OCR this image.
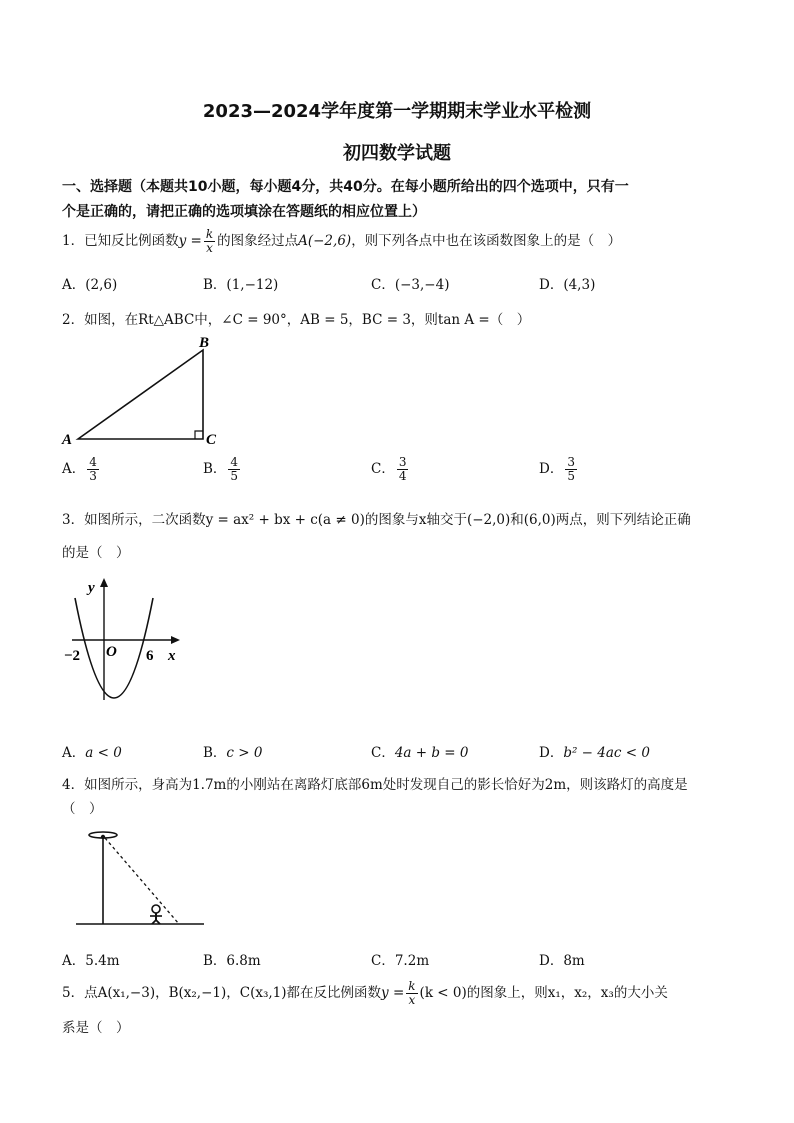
2023—2024学年度第一学期期末学业水平检测
初四数学试题
一、选择题（本题共10小题，每小题4分，共40分。在每小题所给出的四个选项中，只有一
个是正确的，请把正确的选项填涂在答题纸的相应位置上）
1．已知反比例函数$y = \frac{k}{x}$ 的图象经过点A(−2,6)，则下列各点中也在该函数图象上的是（　）
A．(2,6)	B．(1,−12)	C．(−3,−4)	D．(4,3)
2．如图，在Rt△ABC中，∠C = 90°，AB = 5，BC = 3，则tan A =（　）
A
B
C
A． $\frac{4}{3}$	B． $\frac{4}{5}$	C． $\frac{3}{4}$	D． $\frac{3}{5}$
3．如图所示，二次函数y = ax² + bx + c(a ≠ 0)的图象与x轴交于(−2,0)和(6,0)两点，则下列结论正确
的是（　）
y
x
O
−2	6
A．a < 0	B．c > 0	C．4a + b = 0	D．b² − 4ac < 0
4．如图所示，身高为1.7m的小刚站在离路灯底部6m处时发现自己的影长恰好为2m，则该路灯的高度是
（　）
A．5.4m	B．6.8m	C．7.2m	D．8m
5．点A(x₁,−3)，B(x₂,−1)，C(x₃,1)都在反比例函数$y = \frac{k}{x} (k < 0)$的图象上，则x₁，x₂，x₃的大小关
系是（　）
